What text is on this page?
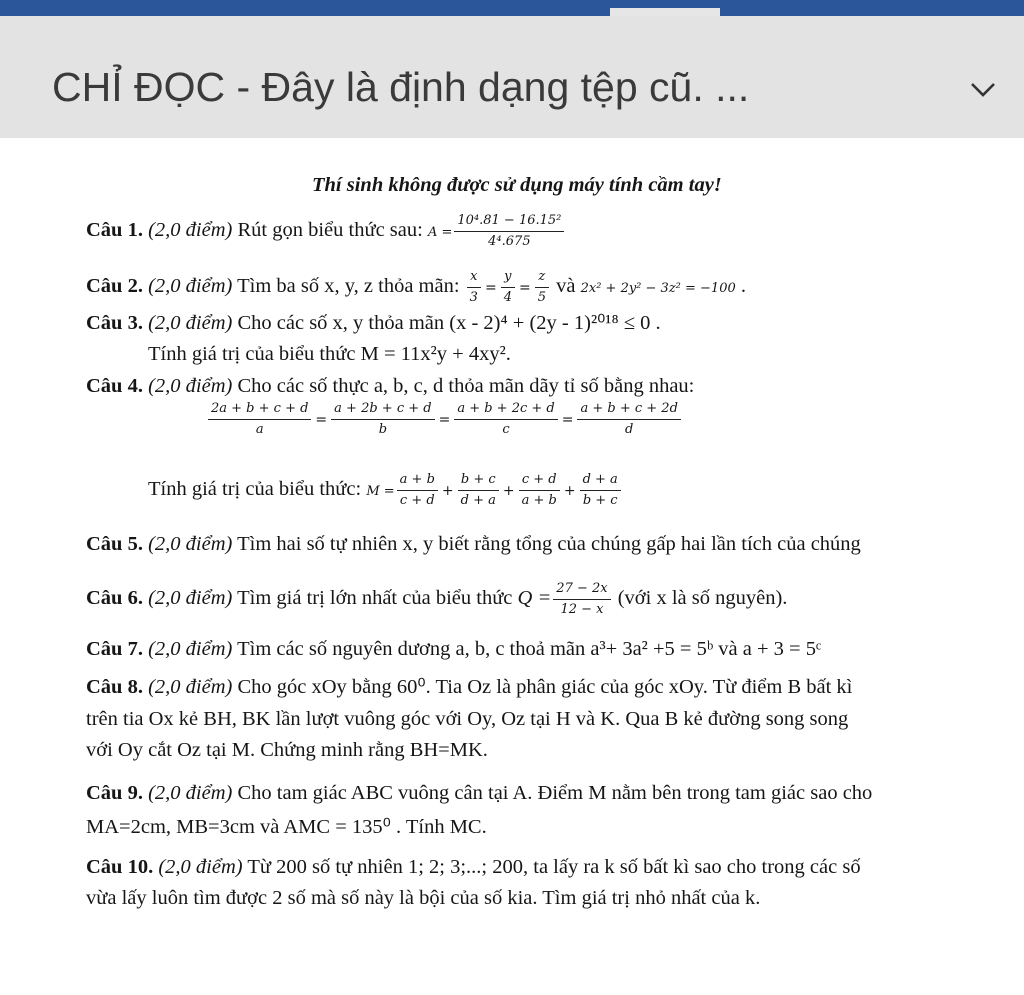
CHỈ ĐỌC - Đây là định dạng tệp cũ. ...
Thí sinh không được sử dụng máy tính cầm tay!
Câu 1. (2,0 điểm) Rút gọn biểu thức sau: $A = \frac{\text{10⁴.81 − 16.15²}}{\text{4⁴.675}}$
Câu 2. (2,0 điểm) Tìm ba số x, y, z thỏa mãn: $\frac{x}{3} = \frac{y}{4} = \frac{z}{5}$ và 2x² + 2y² − 3z² = −100 .
Câu 3. (2,0 điểm) Cho các số x, y thỏa mãn (x - 2)⁴ + (2y - 1)²⁰¹⁸ ≤ 0 .
Tính giá trị của biểu thức M = 11x²y + 4xy².
Câu 4. (2,0 điểm) Cho các số thực a, b, c, d thỏa mãn dãy tỉ số bằng nhau:
$\frac{2a + b + c + d}{a} = \frac{a + 2b + c + d}{b} = \frac{a + b + 2c + d}{c} = \frac{a + b + c + 2d}{d}$
Tính giá trị của biểu thức: $M = \frac{a + b}{c + d} + \frac{b + c}{d + a} + \frac{c + d}{a + b} + \frac{d + a}{b + c}$
Câu 5. (2,0 điểm) Tìm hai số tự nhiên x, y biết rằng tổng của chúng gấp hai lần tích của chúng
Câu 6. (2,0 điểm) Tìm giá trị lớn nhất của biểu thức $Q = \frac{27 - 2x}{12 - x}$ (với x là số nguyên).
Câu 7. (2,0 điểm) Tìm các số nguyên dương a, b, c thoả mãn a³+ 3a² +5 = 5ᵇ và a + 3 = 5ᶜ
Câu 8. (2,0 điểm) Cho góc xOy bằng 60⁰. Tia Oz là phân giác của góc xOy. Từ điểm B bất kì
trên tia Ox kẻ BH, BK lần lượt vuông góc với Oy, Oz tại H và K. Qua B kẻ đường song song
với Oy cắt Oz tại M. Chứng minh rằng BH=MK.
Câu 9. (2,0 điểm) Cho tam giác ABC vuông cân tại A. Điểm M nằm bên trong tam giác sao cho
MA=2cm, MB=3cm và AMC = 135⁰ . Tính MC.
Câu 10. (2,0 điểm) Từ 200 số tự nhiên 1; 2; 3;...; 200, ta lấy ra k số bất kì sao cho trong các số
vừa lấy luôn tìm được 2 số mà số này là bội của số kia. Tìm giá trị nhỏ nhất của k.
